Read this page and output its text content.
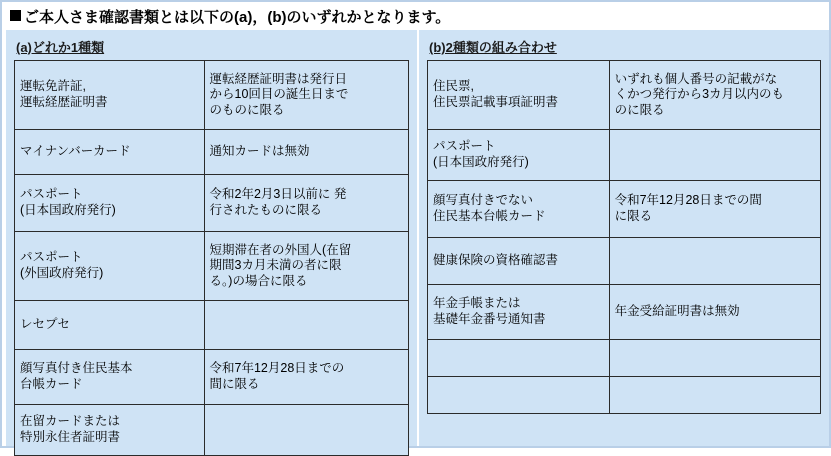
ご本人さま確認書類とは以下の(a)，(b)のいずれかとなります。
(a)どれか1種類
運転免許証,
運転経歴証明書	運転経歴証明書は発行日
から10回目の誕生日まで
のものに限る

マイナンバーカード	通知カードは無効

パスポート
(日本国政府発行)	令和2年2月3日以前に 発
行されたものに限る

パスポート
(外国政府発行)	短期滞在者の外国人(在留
期間3カ月未満の者に限
る。)の場合に限る

レセプセ	

顔写真付き住民基本
台帳カード	令和7年12月28日までの
間に限る

在留カードまたは
特別永住者証明書	

(b)2種類の組み合わせ
住民票,
住民票記載事項証明書	いずれも個人番号の記載がな
くかつ発行から3カ月以内のも
のに限る

パスポート
(日本国政府発行)	

顔写真付きでない
住民基本台帳カード	令和7年12月28日までの間
に限る

健康保険の資格確認書	

年金手帳または
基礎年金番号通知書	年金受給証明書は無効
